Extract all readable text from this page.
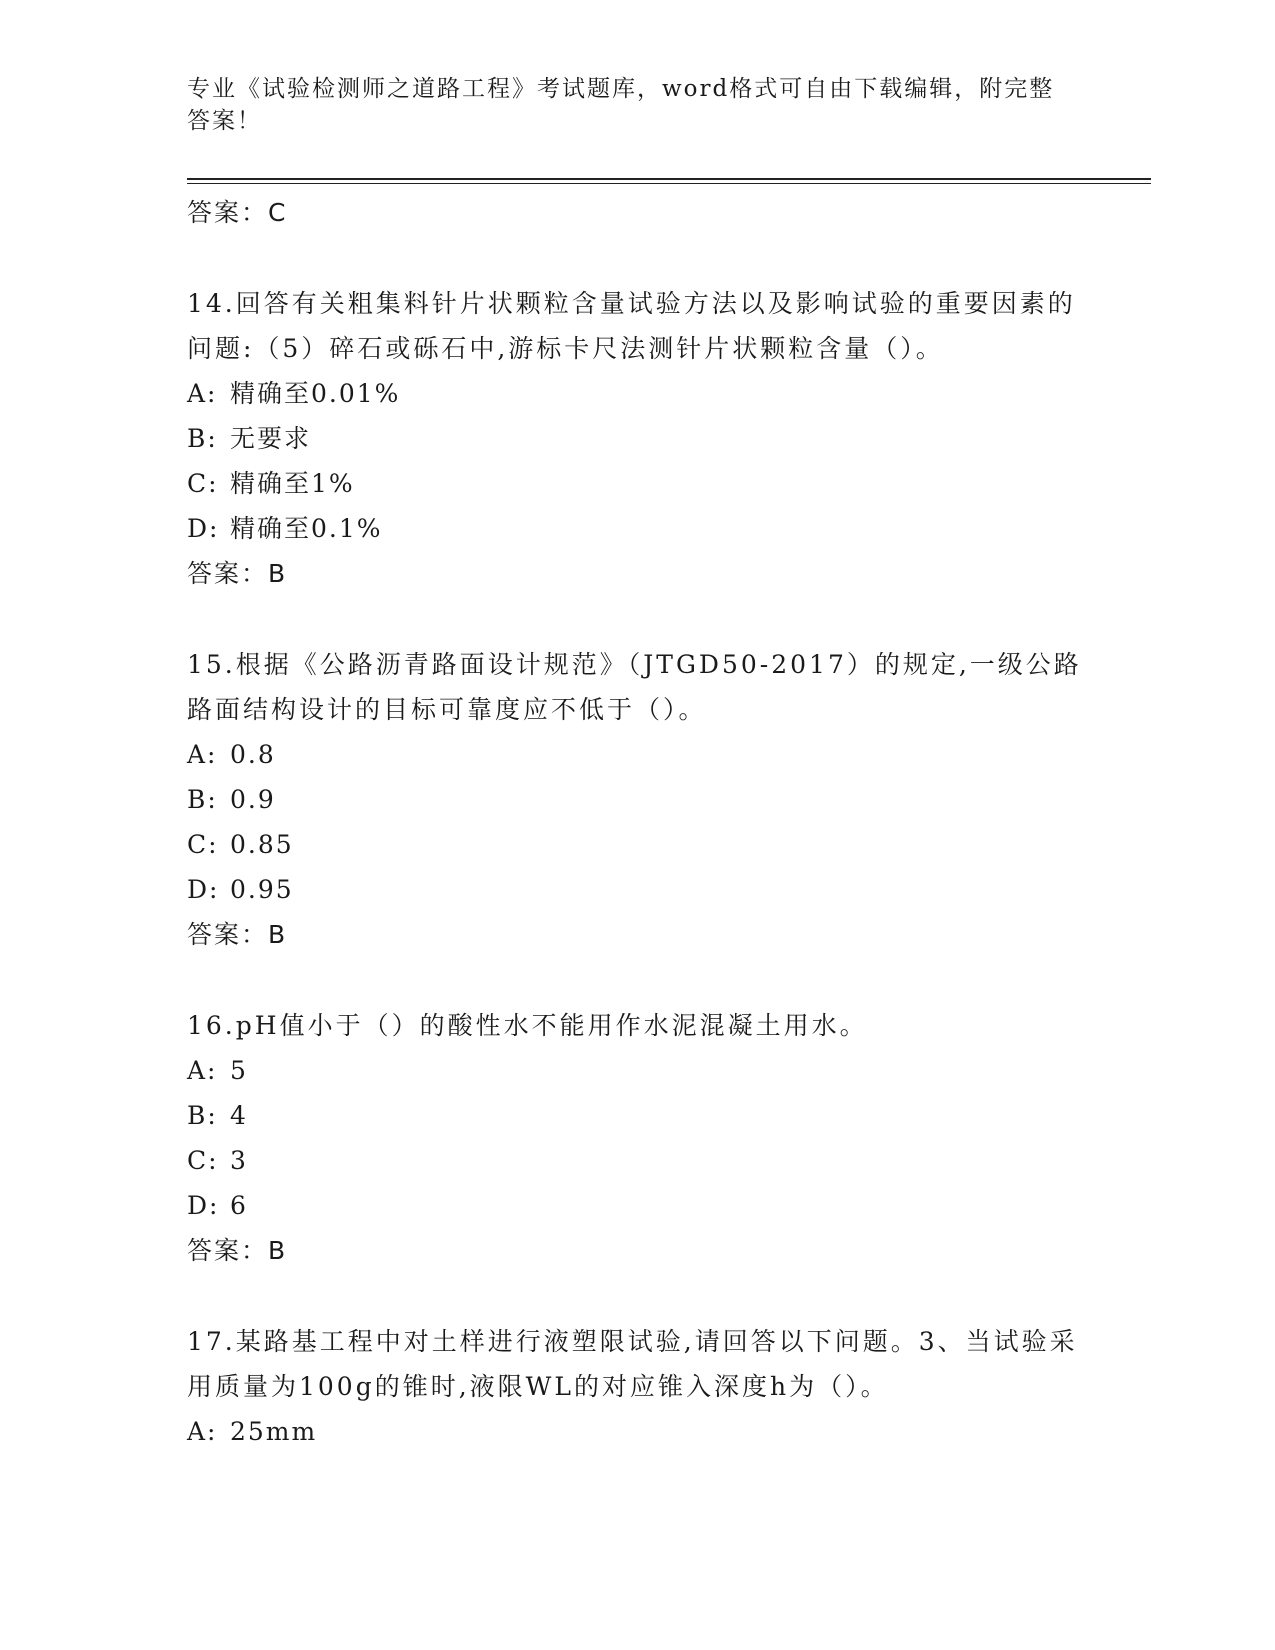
专业《试验检测师之道路工程》考试题库，word格式可自由下载编辑，附完整答案！
答案：C
14.回答有关粗集料针片状颗粒含量试验方法以及影响试验的重要因素的问题:（5）碎石或砾石中,游标卡尺法测针片状颗粒含量（）。
A: 精确至0.01%
B: 无要求
C: 精确至1%
D: 精确至0.1%
答案：B
15.根据《公路沥青路面设计规范》（JTGD50-2017）的规定,一级公路路面结构设计的目标可靠度应不低于（）。
A: 0.8
B: 0.9
C: 0.85
D: 0.95
答案：B
16.pH值小于（）的酸性水不能用作水泥混凝土用水。
A: 5
B: 4
C: 3
D: 6
答案：B
17.某路基工程中对土样进行液塑限试验,请回答以下问题。3、当试验采用质量为100g的锥时,液限WL的对应锥入深度h为（）。
A: 25mm
